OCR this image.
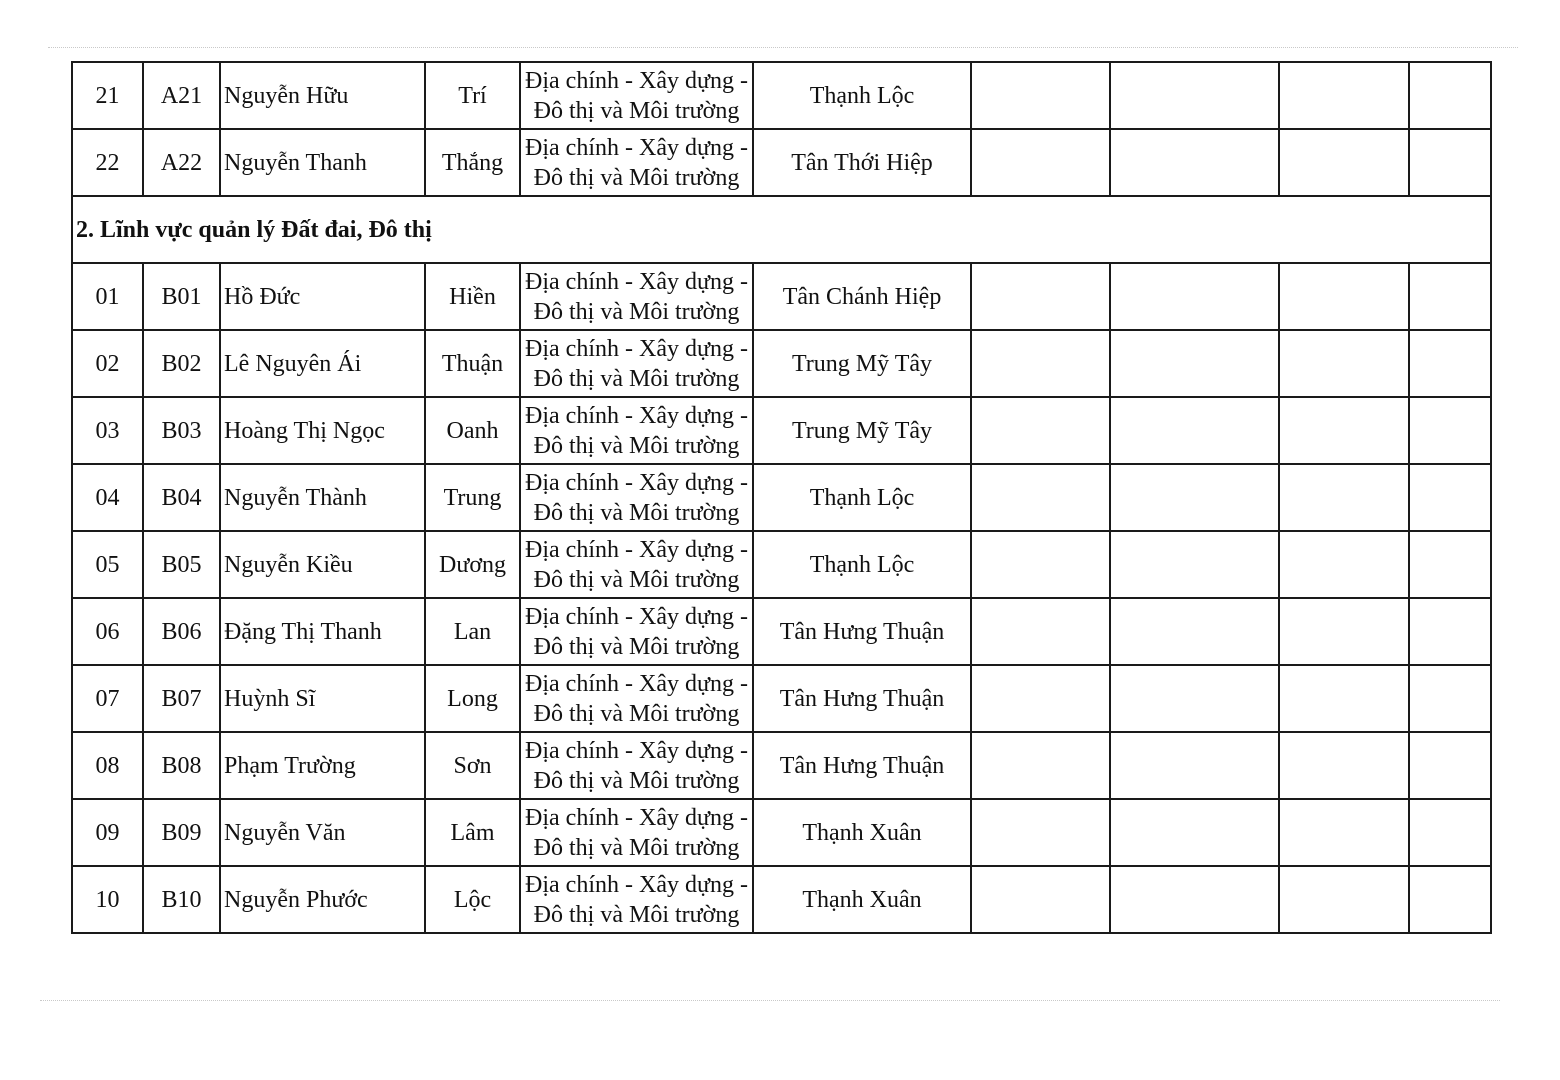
21	A21	Nguyễn Hữu	Trí	Địa chính - Xây dựng -
Đô thị và Môi trường	Thạnh Lộc				
22	A22	Nguyễn Thanh	Thắng	Địa chính - Xây dựng -
Đô thị và Môi trường	Tân Thới Hiệp				
2. Lĩnh vực quản lý Đất đai, Đô thị									
01	B01	Hồ Đức	Hiền	Địa chính - Xây dựng -
Đô thị và Môi trường	Tân Chánh Hiệp				
02	B02	Lê Nguyên Ái	Thuận	Địa chính - Xây dựng -
Đô thị và Môi trường	Trung Mỹ Tây				
03	B03	Hoàng Thị Ngọc	Oanh	Địa chính - Xây dựng -
Đô thị và Môi trường	Trung Mỹ Tây				
04	B04	Nguyễn Thành	Trung	Địa chính - Xây dựng -
Đô thị và Môi trường	Thạnh Lộc				
05	B05	Nguyễn Kiều	Dương	Địa chính - Xây dựng -
Đô thị và Môi trường	Thạnh Lộc				
06	B06	Đặng Thị Thanh	Lan	Địa chính - Xây dựng -
Đô thị và Môi trường	Tân Hưng Thuận				
07	B07	Huỳnh Sĩ	Long	Địa chính - Xây dựng -
Đô thị và Môi trường	Tân Hưng Thuận				
08	B08	Phạm Trường	Sơn	Địa chính - Xây dựng -
Đô thị và Môi trường	Tân Hưng Thuận				
09	B09	Nguyễn Văn	Lâm	Địa chính - Xây dựng -
Đô thị và Môi trường	Thạnh Xuân				
10	B10	Nguyễn Phước	Lộc	Địa chính - Xây dựng -
Đô thị và Môi trường	Thạnh Xuân				
